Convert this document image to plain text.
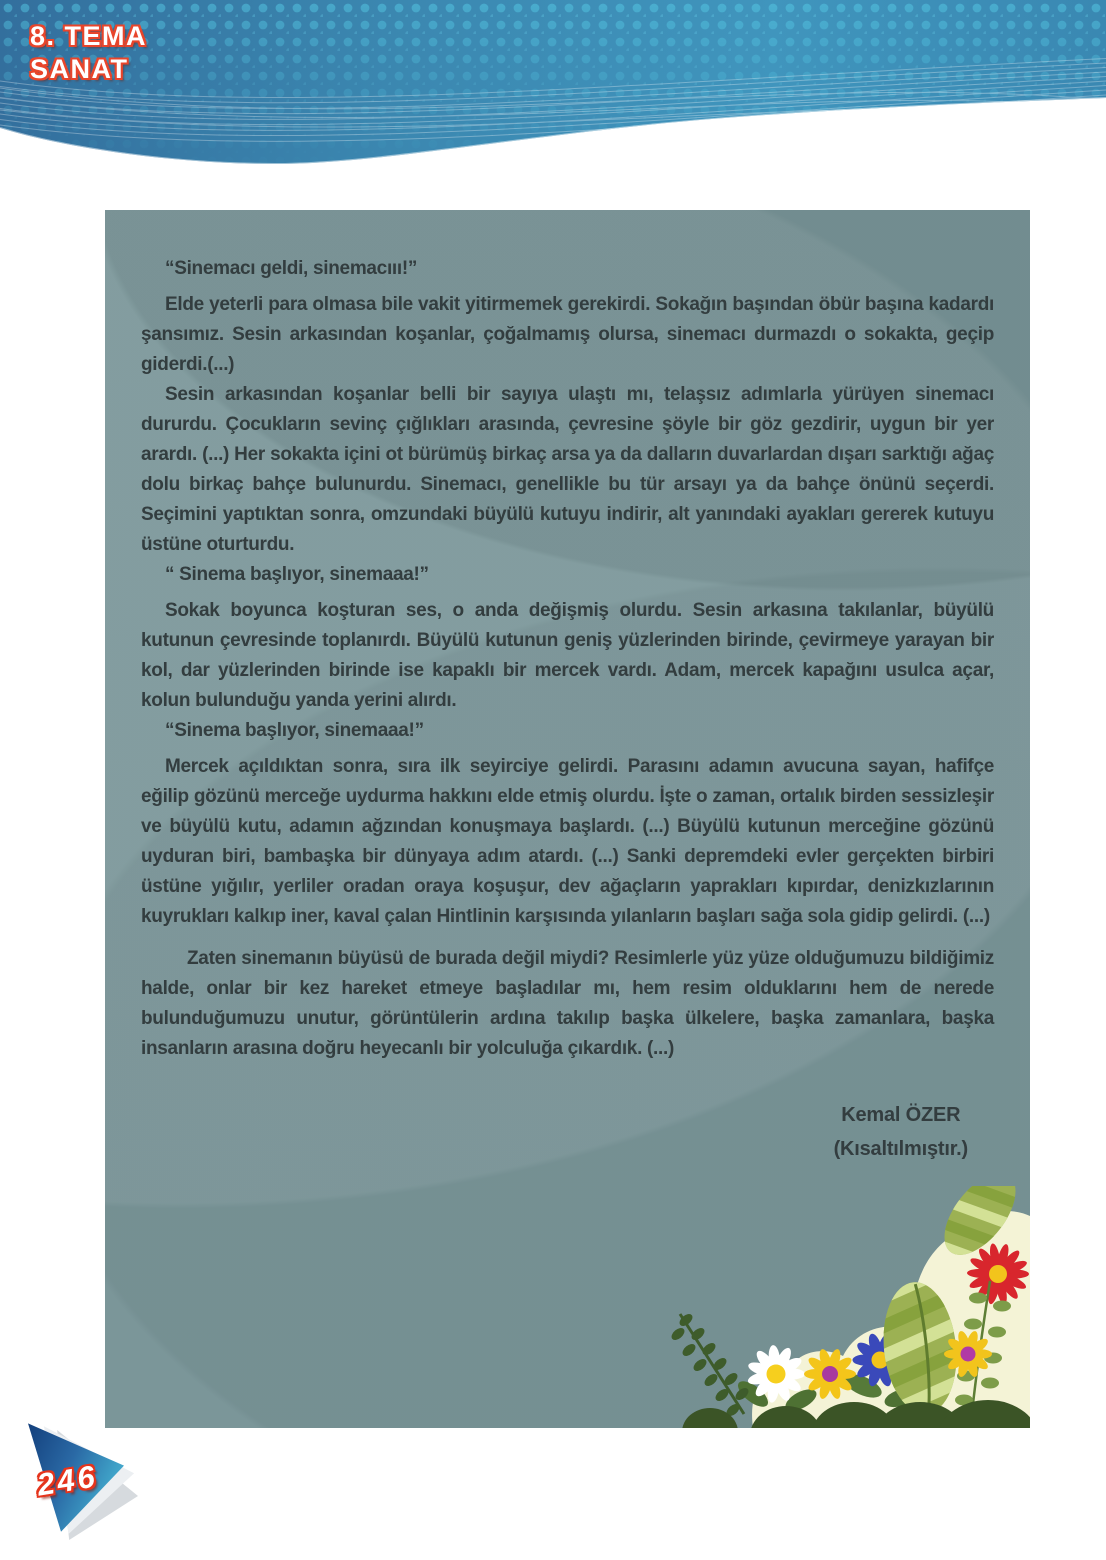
8. TEMA
SANAT

“Sinemacı geldi, sinemacııı!”

Elde yeterli para olmasa bile vakit yitirmemek gerekirdi. Sokağın başından öbür başına kadardı şansımız. Sesin arkasından koşanlar, çoğalmamış olursa, sinemacı durmazdı o sokakta, geçip giderdi.(...)

Sesin arkasından koşanlar belli bir sayıya ulaştı mı, telaşsız adımlarla yürüyen sinemacı dururdu. Çocukların sevinç çığlıkları arasında, çevresine şöyle bir göz gezdirir, uygun bir yer arardı. (...) Her sokakta içini ot bürümüş birkaç arsa ya da dalların duvarlardan dışarı sarktığı ağaç dolu birkaç bahçe bulunurdu. Sinemacı, genellikle bu tür arsayı ya da bahçe önünü seçerdi. Seçimini yaptıktan sonra, omzundaki büyülü kutuyu indirir, alt yanındaki ayakları gererek kutuyu üstüne oturturdu.

“ Sinema başlıyor, sinemaaa!”

Sokak boyunca koşturan ses, o anda değişmiş olurdu. Sesin arkasına takılanlar, büyülü kutunun çevresinde toplanırdı. Büyülü kutunun geniş yüzlerinden birinde, çevirmeye yarayan bir kol, dar yüzlerinden birinde ise kapaklı bir mercek vardı. Adam, mercek kapağını usulca açar, kolun bulunduğu yanda yerini alırdı.

“Sinema başlıyor, sinemaaa!”

Mercek açıldıktan sonra, sıra ilk seyirciye gelirdi. Parasını adamın avucuna sayan, hafifçe eğilip gözünü merceğe uydurma hakkını elde etmiş olurdu. İşte o zaman, ortalık birden sessizleşir ve büyülü kutu, adamın ağzından konuşmaya başlardı. (...) Büyülü kutunun merceğine gözünü uyduran biri, bambaşka bir dünyaya adım atardı. (...) Sanki depremdeki evler gerçekten birbiri üstüne yığılır, yerliler oradan oraya koşuşur, dev ağaçların yaprakları kıpırdar, denizkızlarının kuyrukları kalkıp iner, kaval çalan Hintlinin karşısında yılanların başları sağa sola gidip gelirdi. (...)

Zaten sinemanın büyüsü de burada değil miydi? Resimlerle yüz yüze olduğumuzu bildiğimiz halde, onlar bir kez hareket etmeye başladılar mı, hem resim olduklarını hem de nerede bulunduğumuzu unutur, görüntülerin ardına takılıp başka ülkelere, başka zamanlara, başka insanların arasına doğru heyecanlı bir yolculuğa çıkardık. (...)

Kemal ÖZER
(Kısaltılmıştır.)
246
